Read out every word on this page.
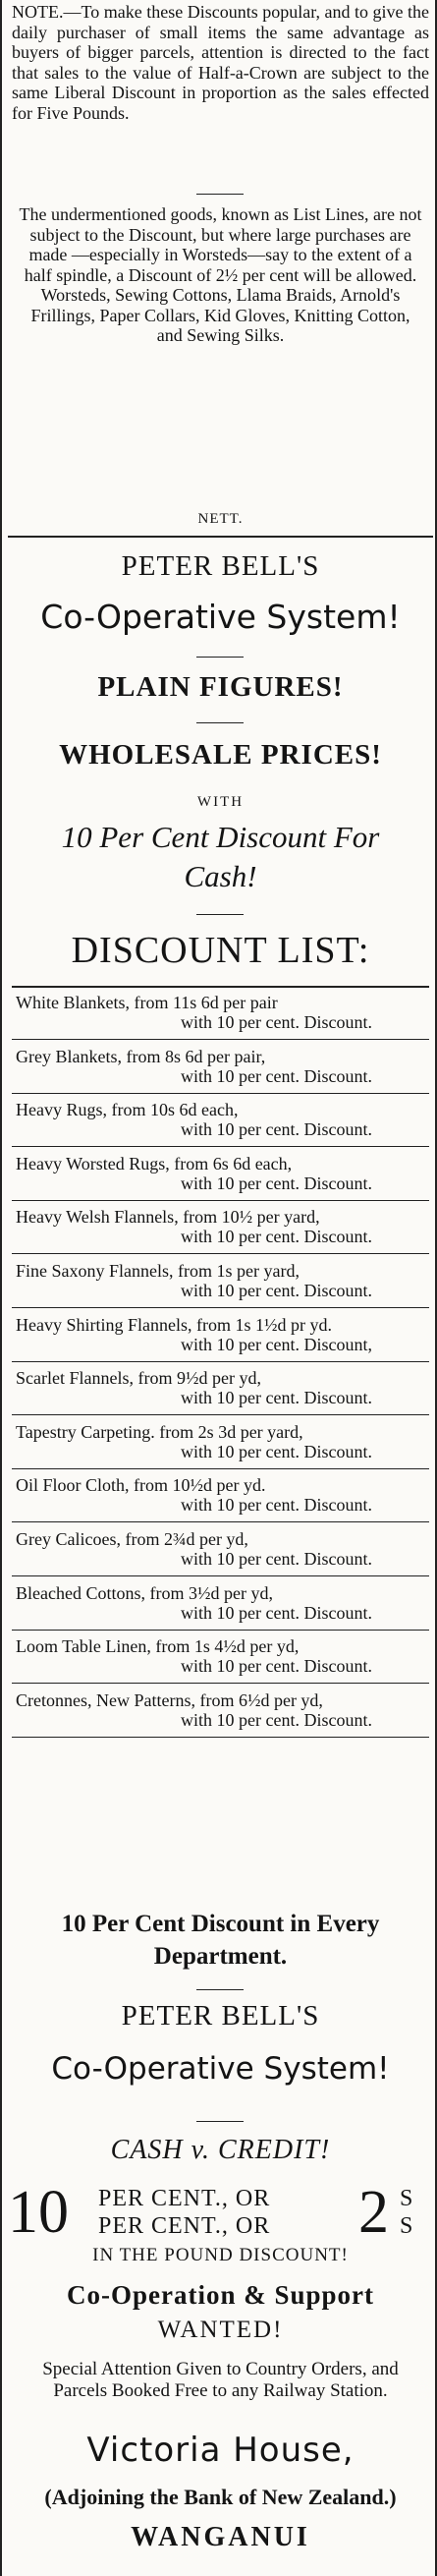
NOTE.—To make these Discounts popular, and to give the daily purchaser of small items the same advantage as buyers of bigger parcels, attention is directed to the fact that sales to the value of Half-a-Crown are subject to the same Liberal Discount in proportion as the sales effected for Five Pounds.
The undermentioned goods, known as List Lines, are not subject to the Discount, but where large purchases are made —especially in Worsteds—say to the extent of a half spindle, a Discount of 2½ per cent will be allowed. Worsteds, Sewing Cottons, Llama Braids, Arnold's Frillings, Paper Collars, Kid Gloves, Knitting Cotton, and Sewing Silks.
NETT.
PETER BELL'S
Co-Operative System!
PLAIN FIGURES!
WHOLESALE PRICES!
WITH
10 Per Cent Discount For Cash!
DISCOUNT LIST:
White Blankets, from 11s 6d per pair
with 10 per cent. Discount.
Grey Blankets, from 8s 6d per pair,
with 10 per cent. Discount.
Heavy Rugs, from 10s 6d each,
with 10 per cent. Discount.
Heavy Worsted Rugs, from 6s 6d each,
with 10 per cent. Discount.
Heavy Welsh Flannels, from 10½ per yard,
with 10 per cent. Discount.
Fine Saxony Flannels, from 1s per yard,
with 10 per cent. Discount.
Heavy Shirting Flannels, from 1s 1½d pr yd.
with 10 per cent. Discount,
Scarlet Flannels, from 9½d per yd,
with 10 per cent. Discount.
Tapestry Carpeting. from 2s 3d per yard,
with 10 per cent. Discount.
Oil Floor Cloth, from 10½d per yd.
with 10 per cent. Discount.
Grey Calicoes, from 2¾d per yd,
with 10 per cent. Discount.
Bleached Cottons, from 3½d per yd,
with 10 per cent. Discount.
Loom Table Linen, from 1s 4½d per yd,
with 10 per cent. Discount.
Cretonnes, New Patterns, from 6½d per yd,
with 10 per cent. Discount.
10 Per Cent Discount in Every
Department.
PETER BELL'S
Co-Operative System!
CASH v. CREDIT!
10 PER CENT., OR
PER CENT., OR 2 S
S
IN THE POUND DISCOUNT!
Co-Operation & Support
WANTED!
Special Attention Given to Country Orders, and Parcels Booked Free to any Railway Station.
Victoria House,
(Adjoining the Bank of New Zealand.)
WANGANUI
